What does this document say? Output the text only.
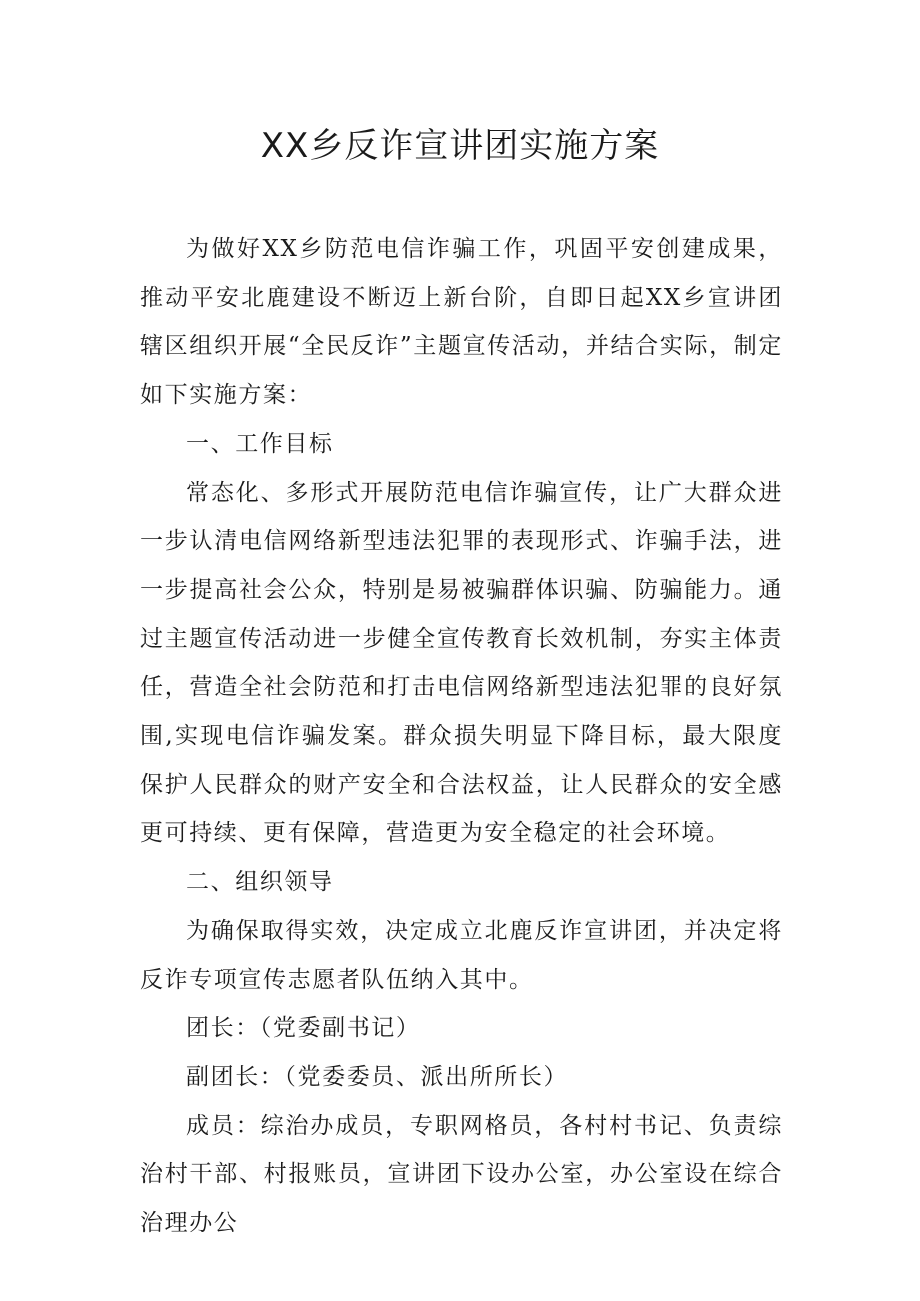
XX乡反诈宣讲团实施方案

为做好XX乡防范电信诈骗工作，巩固平安创建成果，推动平安北鹿建设不断迈上新台阶，自即日起XX乡宣讲团辖区组织开展“全民反诈”主题宣传活动，并结合实际，制定如下实施方案：

一、工作目标

常态化、多形式开展防范电信诈骗宣传，让广大群众进一步认清电信网络新型违法犯罪的表现形式、诈骗手法，进一步提高社会公众，特别是易被骗群体识骗、防骗能力。通过主题宣传活动进一步健全宣传教育长效机制，夯实主体责任，营造全社会防范和打击电信网络新型违法犯罪的良好氛围,实现电信诈骗发案。群众损失明显下降目标，最大限度保护人民群众的财产安全和合法权益，让人民群众的安全感更可持续、更有保障，营造更为安全稳定的社会环境。

二、组织领导

为确保取得实效，决定成立北鹿反诈宣讲团，并决定将反诈专项宣传志愿者队伍纳入其中。

团长：（党委副书记）

副团长：（党委委员、派出所所长）

成员：综治办成员，专职网格员，各村村书记、负责综治村干部、村报账员，宣讲团下设办公室，办公室设在综合治理办公
